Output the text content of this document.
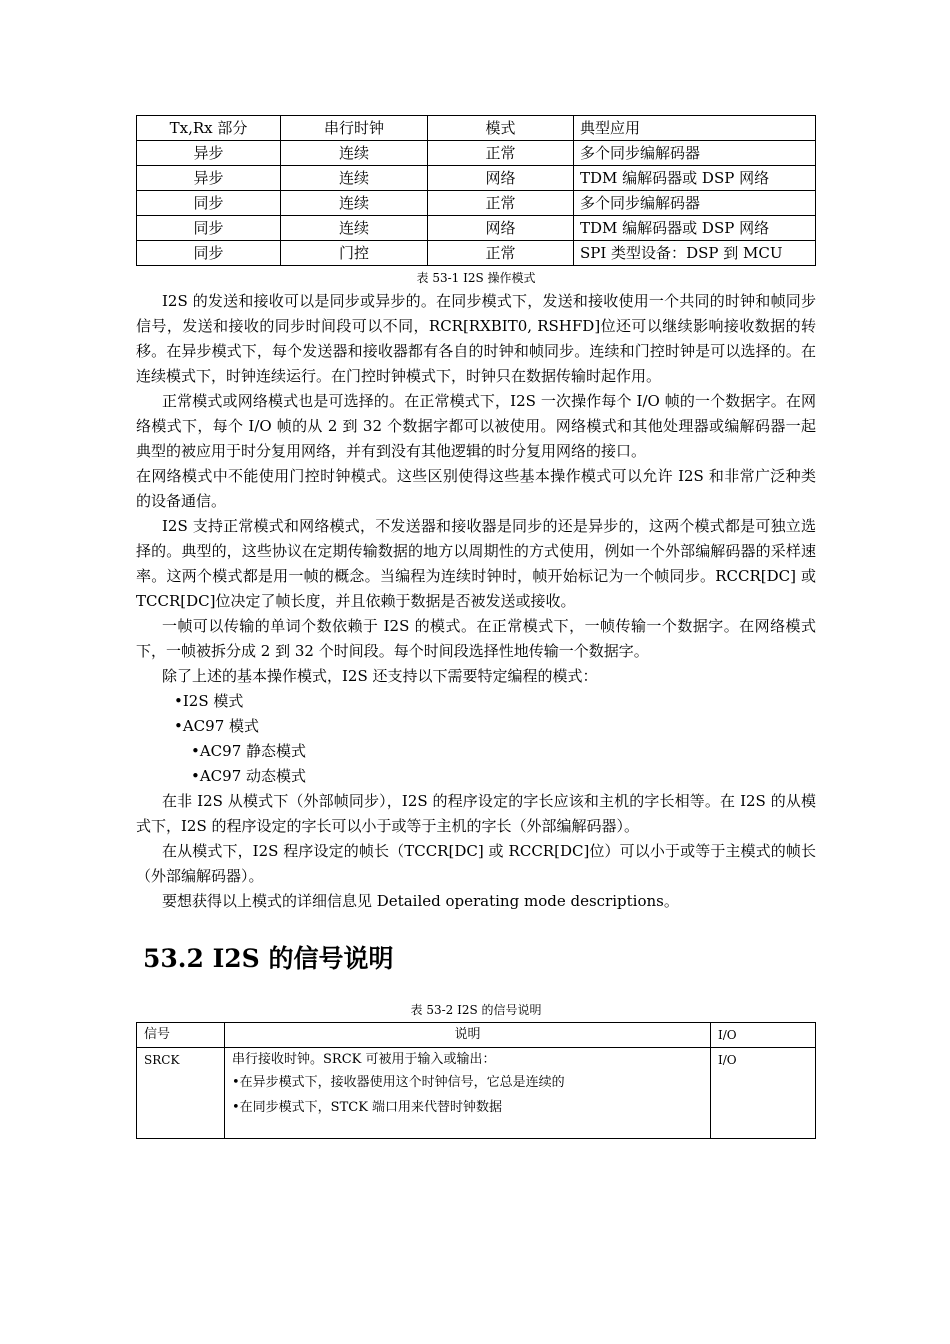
Tx,Rx 部分	串行时钟	模式	典型应用
异步	连续	正常	多个同步编解码器
异步	连续	网络	TDM 编解码器或 DSP 网络
同步	连续	正常	多个同步编解码器
同步	连续	网络	TDM 编解码器或 DSP 网络
同步	门控	正常	SPI 类型设备：DSP 到 MCU
表 53-1 I2S 操作模式

I2S 的发送和接收可以是同步或异步的。在同步模式下，发送和接收使用一个共同的时钟和帧同步信号，发送和接收的同步时间段可以不同，RCR[RXBIT0, RSHFD]位还可以继续影响接收数据的转移。在异步模式下，每个发送器和接收器都有各自的时钟和帧同步。连续和门控时钟是可以选择的。在连续模式下，时钟连续运行。在门控时钟模式下，时钟只在数据传输时起作用。

正常模式或网络模式也是可选择的。在正常模式下，I2S 一次操作每个 I/O 帧的一个数据字。在网络模式下，每个 I/O 帧的从 2 到 32 个数据字都可以被使用。网络模式和其他处理器或编解码器一起典型的被应用于时分复用网络，并有到没有其他逻辑的时分复用网络的接口。

在网络模式中不能使用门控时钟模式。这些区别使得这些基本操作模式可以允许 I2S 和非常广泛种类的设备通信。

I2S 支持正常模式和网络模式，不发送器和接收器是同步的还是异步的，这两个模式都是可独立选择的。典型的，这些协议在定期传输数据的地方以周期性的方式使用，例如一个外部编解码器的采样速率。这两个模式都是用一帧的概念。当编程为连续时钟时，帧开始标记为一个帧同步。RCCR[DC] 或 TCCR[DC]位决定了帧长度，并且依赖于数据是否被发送或接收。

一帧可以传输的单词个数依赖于 I2S 的模式。在正常模式下，一帧传输一个数据字。在网络模式下，一帧被拆分成 2 到 32 个时间段。每个时间段选择性地传输一个数据字。

除了上述的基本操作模式，I2S 还支持以下需要特定编程的模式：

•I2S 模式

•AC97 模式

•AC97 静态模式

•AC97 动态模式

在非 I2S 从模式下（外部帧同步），I2S 的程序设定的字长应该和主机的字长相等。在 I2S 的从模式下，I2S 的程序设定的字长可以小于或等于主机的字长（外部编解码器）。

在从模式下，I2S 程序设定的帧长（TCCR[DC] 或 RCCR[DC]位）可以小于或等于主模式的帧长（外部编解码器）。

要想获得以上模式的详细信息见 Detailed operating mode descriptions。

53.2 I2S 的信号说明
表 53-2 I2S 的信号说明
信号	说明	I/O
SRCK	串行接收时钟。SRCK 可被用于输入或输出：
•在异步模式下，接收器使用这个时钟信号，它总是连续的
•在同步模式下，STCK 端口用来代替时钟数据	I/O
